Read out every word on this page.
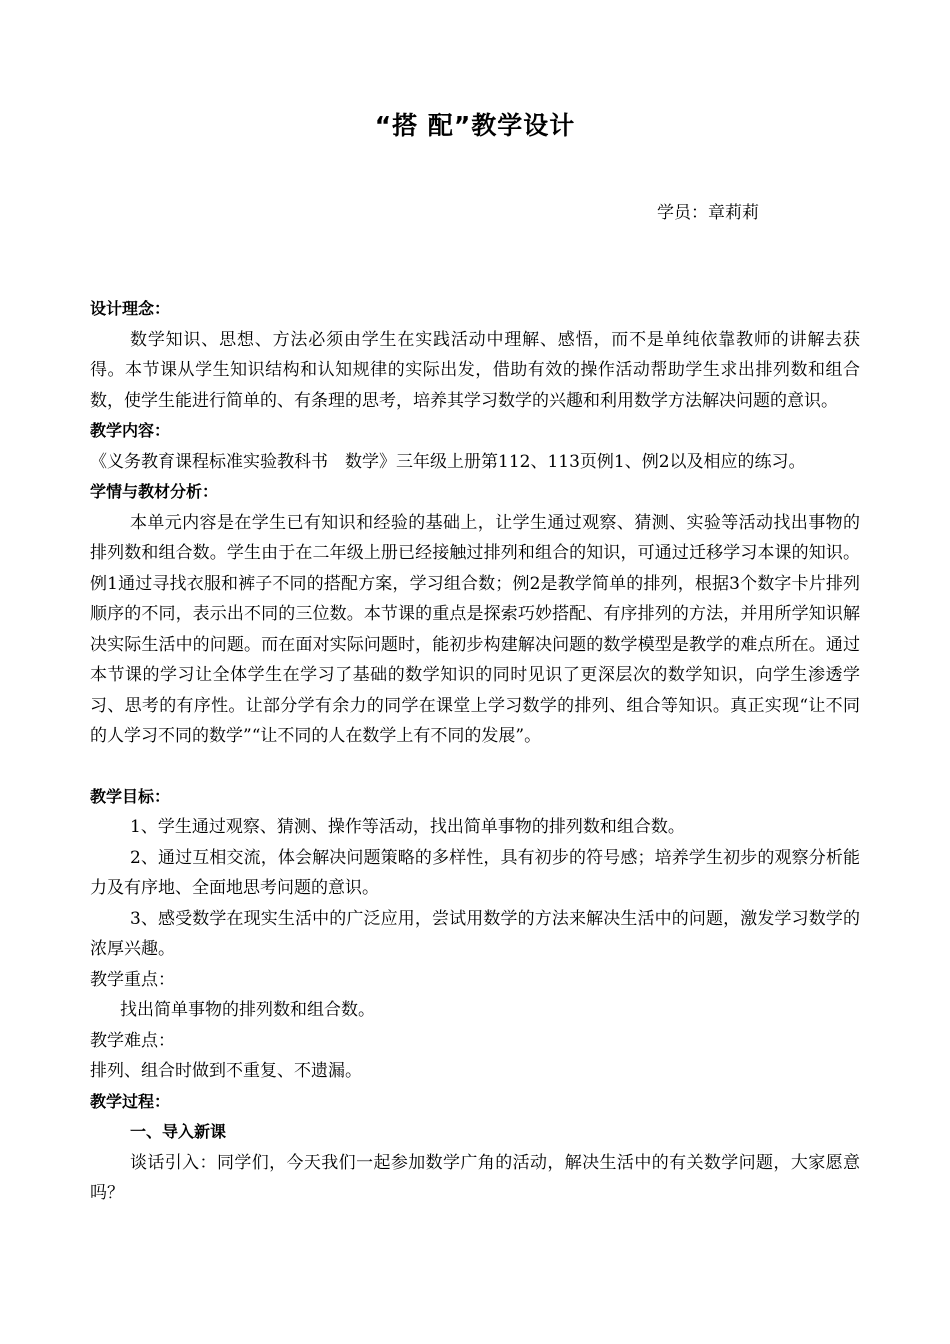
“搭 配”教学设计
学员：章莉莉
设计理念：

数学知识、思想、方法必须由学生在实践活动中理解、感悟，而不是单纯依靠教师的讲解去获得。本节课从学生知识结构和认知规律的实际出发，借助有效的操作活动帮助学生求出排列数和组合数，使学生能进行简单的、有条理的思考，培养其学习数学的兴趣和利用数学方法解决问题的意识。

教学内容：

《义务教育课程标准实验教科书　数学》三年级上册第112、113页例1、例2以及相应的练习。

学情与教材分析：

本单元内容是在学生已有知识和经验的基础上，让学生通过观察、猜测、实验等活动找出事物的排列数和组合数。学生由于在二年级上册已经接触过排列和组合的知识，可通过迁移学习本课的知识。例1通过寻找衣服和裤子不同的搭配方案，学习组合数；例2是教学简单的排列，根据3个数字卡片排列顺序的不同，表示出不同的三位数。本节课的重点是探索巧妙搭配、有序排列的方法，并用所学知识解决实际生活中的问题。而在面对实际问题时，能初步构建解决问题的数学模型是教学的难点所在。通过本节课的学习让全体学生在学习了基础的数学知识的同时见识了更深层次的数学知识，向学生渗透学习、思考的有序性。让部分学有余力的同学在课堂上学习数学的排列、组合等知识。真正实现“让不同的人学习不同的数学”“让不同的人在数学上有不同的发展”。

教学目标：

1、学生通过观察、猜测、操作等活动，找出简单事物的排列数和组合数。

2、通过互相交流，体会解决问题策略的多样性，具有初步的符号感；培养学生初步的观察分析能力及有序地、全面地思考问题的意识。

3、感受数学在现实生活中的广泛应用，尝试用数学的方法来解决生活中的问题，激发学习数学的浓厚兴趣。

教学重点：

找出简单事物的排列数和组合数。

教学难点：

排列、组合时做到不重复、不遗漏。

教学过程：
一、导入新课

谈话引入：同学们，今天我们一起参加数学广角的活动，解决生活中的有关数学问题，大家愿意吗？
